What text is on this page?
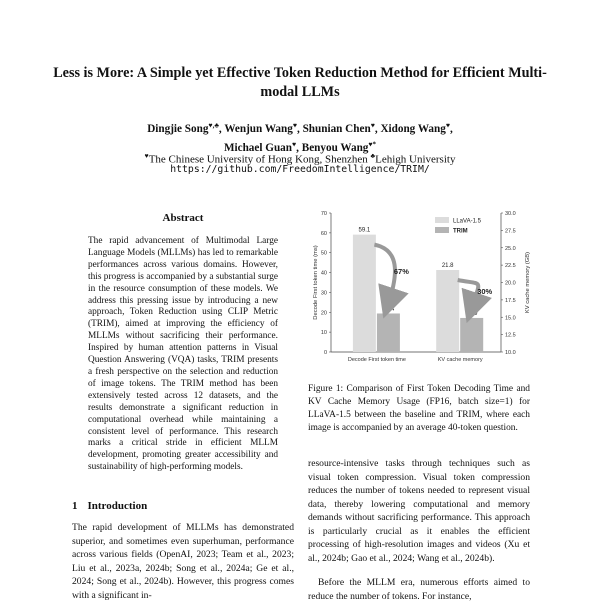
Less is More: A Simple yet Effective Token Reduction Method for Efficient Multi-modal LLMs
Dingjie Song♥,♣, Wenjun Wang♥, Shunian Chen♥, Xidong Wang♥,
Michael Guan♥, Benyou Wang♥*
♥The Chinese University of Hong Kong, Shenzhen ♣Lehigh University
https://github.com/FreedomIntelligence/TRIM/
Abstract

The rapid advancement of Multimodal Large Language Models (MLLMs) has led to remarkable performances across various domains. However, this progress is accompanied by a substantial surge in the resource consumption of these models. We address this pressing issue by introducing a new approach, Token Reduction using CLIP Metric (TRIM), aimed at improving the efficiency of MLLMs without sacrificing their performance. Inspired by human attention patterns in Visual Question Answering (VQA) tasks, TRIM presents a fresh perspective on the selection and reduction of image tokens. The TRIM method has been extensively tested across 12 datasets, and the results demonstrate a significant reduction in computational overhead while maintaining a consistent level of performance. This research marks a critical stride in efficient MLLM development, promoting greater accessibility and sustainability of high-performing models.

1 Introduction

The rapid development of MLLMs has demonstrated superior, and sometimes even superhuman, performance across various fields (OpenAI, 2023; Team et al., 2023; Liu et al., 2023a, 2024b; Song et al., 2024a; Ge et al., 2024; Song et al., 2024b). However, this progress comes with a significant in-

0
10
20
30
40
50
60
70
10.0
12.5
15.0
17.5
20.0
22.5
25.0
27.5
30.0
Decode First token time (ms)	KV cache memory (GB)
59.1
19.4
Decode First token time
21.8
14.9
KV cache memory
67%
30%
LLaVA-1.5
TRIM

Figure 1: Comparison of First Token Decoding Time and KV Cache Memory Usage (FP16, batch size=1) for LLaVA-1.5 between the baseline and TRIM, where each image is accompanied by an average 40-token question.

resource-intensive tasks through techniques such as visual token compression. Visual token compression reduces the number of tokens needed to represent visual data, thereby lowering computational and memory demands without sacrificing performance. This approach is particularly crucial as it enables the efficient processing of high-resolution images and videos (Xu et al., 2024b; Gao et al., 2024; Wang et al., 2024b).

Before the MLLM era, numerous efforts aimed to reduce the number of tokens. For instance,
